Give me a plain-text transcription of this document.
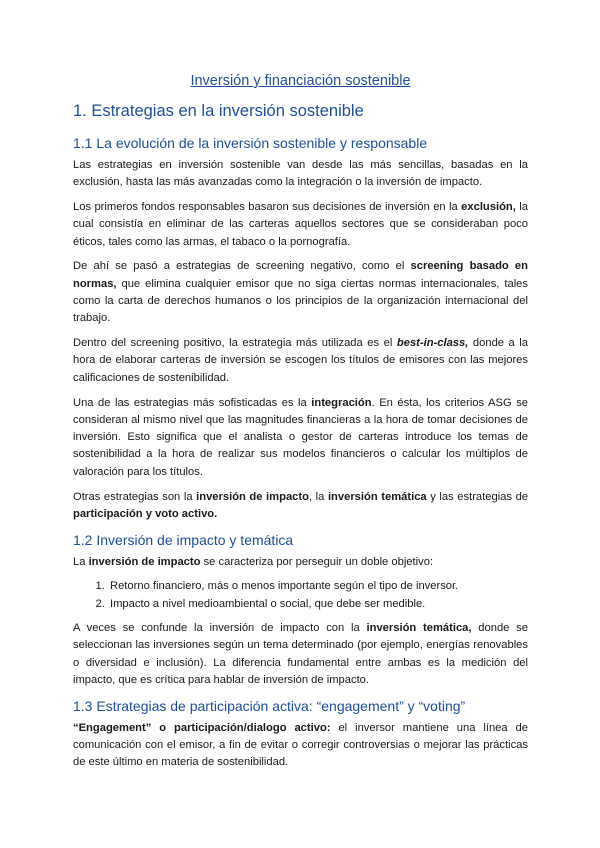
Inversión y financiación sostenible
1. Estrategias en la inversión sostenible
1.1 La evolución de la inversión sostenible y responsable

Las estrategias en inversión sostenible van desde las más sencillas, basadas en la exclusión, hasta las más avanzadas como la integración o la inversión de impacto.

Los primeros fondos responsables basaron sus decisiones de inversión en la exclusión, la cual consistía en eliminar de las carteras aquellos sectores que se consideraban poco éticos, tales como las armas, el tabaco o la pornografía.

De ahí se pasó a estrategias de screening negativo, como el screening basado en normas, que elimina cualquier emisor que no siga ciertas normas internacionales, tales como la carta de derechos humanos o los principios de la organización internacional del trabajo.

Dentro del screening positivo, la estrategia más utilizada es el best-in-class, donde a la hora de elaborar carteras de inversión se escogen los títulos de emisores con las mejores calificaciones de sostenibilidad.

Una de las estrategias más sofisticadas es la integración. En ésta, los criterios ASG se consideran al mismo nivel que las magnitudes financieras a la hora de tomar decisiones de inversión. Esto significa que el analista o gestor de carteras introduce los temas de sostenibilidad a la hora de realizar sus modelos financieros o calcular los múltiplos de valoración para los títulos.

Otras estrategias son la inversión de impacto, la inversión temática y las estrategias de participación y voto activo.

1.2 Inversión de impacto y temática

La inversión de impacto se caracteriza por perseguir un doble objetivo:

1. Retorno financiero, más o menos importante según el tipo de inversor.
2. Impacto a nivel medioambiental o social, que debe ser medible.

A veces se confunde la inversión de impacto con la inversión temática, donde se seleccionan las inversiones según un tema determinado (por ejemplo, energías renovables o diversidad e inclusión). La diferencia fundamental entre ambas es la medición del impacto, que es crítica para hablar de inversión de impacto.

1.3 Estrategias de participación activa: “engagement” y “voting”

“Engagement” o participación/dialogo activo: el inversor mantiene una línea de comunicación con el emisor, a fin de evitar o corregir controversias o mejorar las prácticas de este último en materia de sostenibilidad.
